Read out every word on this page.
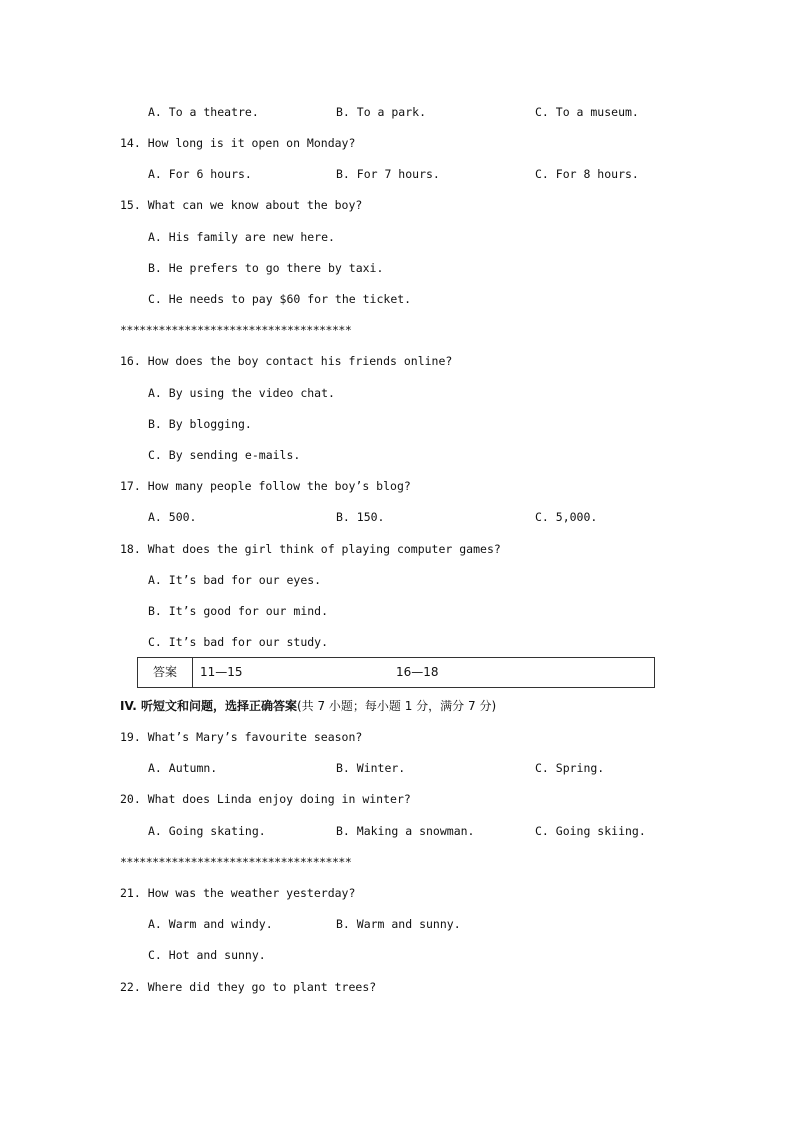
A. To a theatre.	B. To a park.	C. To a museum.
14. How long is it open on Monday?
A. For 6 hours.	B. For 7 hours.	C. For 8 hours.
15. What can we know about the boy?
A. His family are new here.
B. He prefers to go there by taxi.
C. He needs to pay $60 for the ticket.
************************************
16. How does the boy contact his friends online?
A. By using the video chat.
B. By blogging.
C. By sending e-mails.
17. How many people follow the boy’s blog?
A. 500.	B. 150.	C. 5,000.
18. What does the girl think of playing computer games?
A. It’s bad for our eyes.
B. It’s good for our mind.
C. It’s bad for our study.
答案	11—15	16—18
IV. 听短文和问题，选择正确答案(共 7 小题；每小题 1 分，满分 7 分)
19. What’s Mary’s favourite season?
A. Autumn.	B. Winter.	C. Spring.
20. What does Linda enjoy doing in winter?
A. Going skating.	B. Making a snowman.	C. Going skiing.
************************************
21. How was the weather yesterday?
A. Warm and windy.	B. Warm and sunny.
C. Hot and sunny.
22. Where did they go to plant trees?
